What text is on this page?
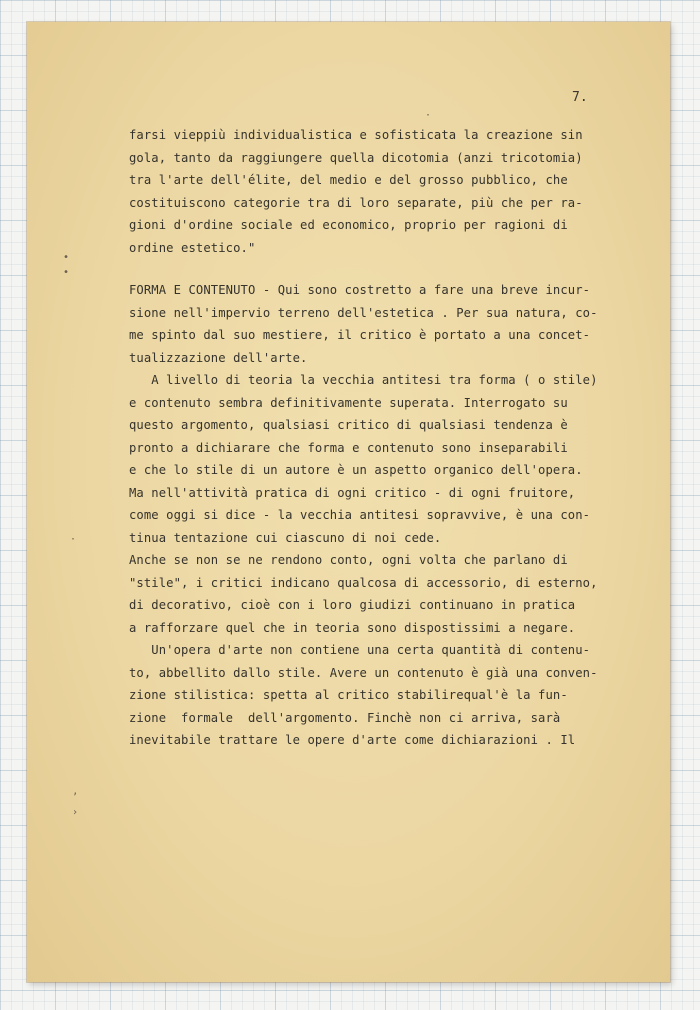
7.
farsi vieppiù individualistica e sofisticata la creazione sin
gola, tanto da raggiungere quella dicotomia (anzi tricotomia)
tra l'arte dell'élite, del medio e del grosso pubblico, che
costituiscono categorie tra di loro separate, più che per ra-
gioni d'ordine sociale ed economico, proprio per ragioni di
ordine estetico."
FORMA E CONTENUTO - Qui sono costretto a fare una breve incur-
sione nell'impervio terreno dell'estetica . Per sua natura, co-
me spinto dal suo mestiere, il critico è portato a una concet-
tualizzazione dell'arte.
A livello di teoria la vecchia antitesi tra forma ( o stile)
e contenuto sembra definitivamente superata. Interrogato su
questo argomento, qualsiasi critico di qualsiasi tendenza è
pronto a dichiarare che forma e contenuto sono inseparabili
e che lo stile di un autore è un aspetto organico dell'opera.
Ma nell'attività pratica di ogni critico - di ogni fruitore,
come oggi si dice - la vecchia antitesi sopravvive, è una con-
tinua tentazione cui ciascuno di noi cede.
Anche se non se ne rendono conto, ogni volta che parlano di
"stile", i critici indicano qualcosa di accessorio, di esterno,
di decorativo, cioè con i loro giudizi continuano in pratica
a rafforzare quel che in teoria sono dispostissimi a negare.
Un'opera d'arte non contiene una certa quantità di contenu-
to, abbellito dallo stile. Avere un contenuto è già una conven-
zione stilistica: spetta al critico stabilirequal'è la fun-
zione  formale  dell'argomento. Finchè non ci arriva, sarà
inevitabile trattare le opere d'arte come dichiarazioni . Il
•
•
·
’
›
·
